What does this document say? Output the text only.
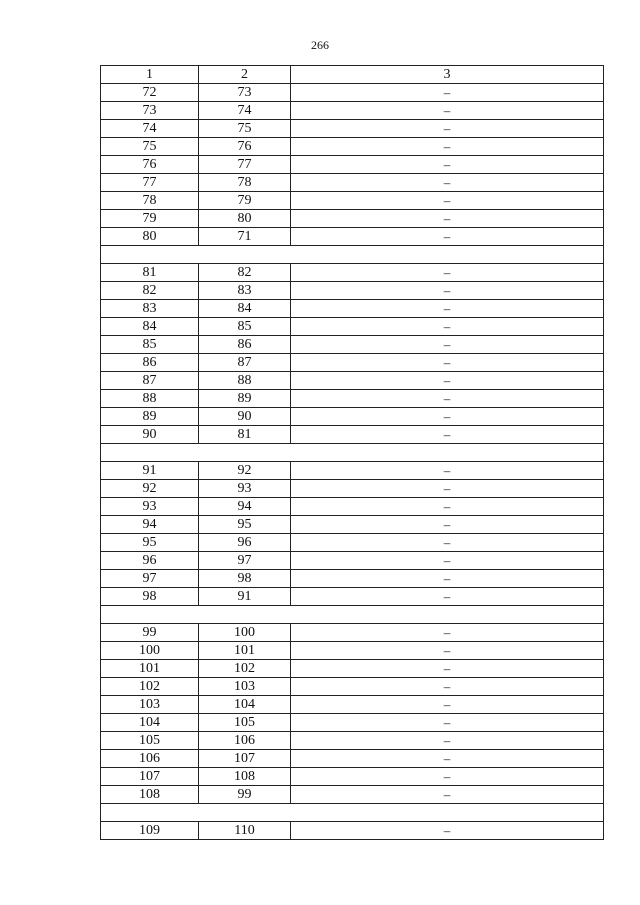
266
1	2	3
72	73	–
73	74	–
74	75	–
75	76	–
76	77	–
77	78	–
78	79	–
79	80	–
80	71	–
81	82	–
82	83	–
83	84	–
84	85	–
85	86	–
86	87	–
87	88	–
88	89	–
89	90	–
90	81	–
91	92	–
92	93	–
93	94	–
94	95	–
95	96	–
96	97	–
97	98	–
98	91	–
99	100	–
100	101	–
101	102	–
102	103	–
103	104	–
104	105	–
105	106	–
106	107	–
107	108	–
108	99	–
109	110	–
